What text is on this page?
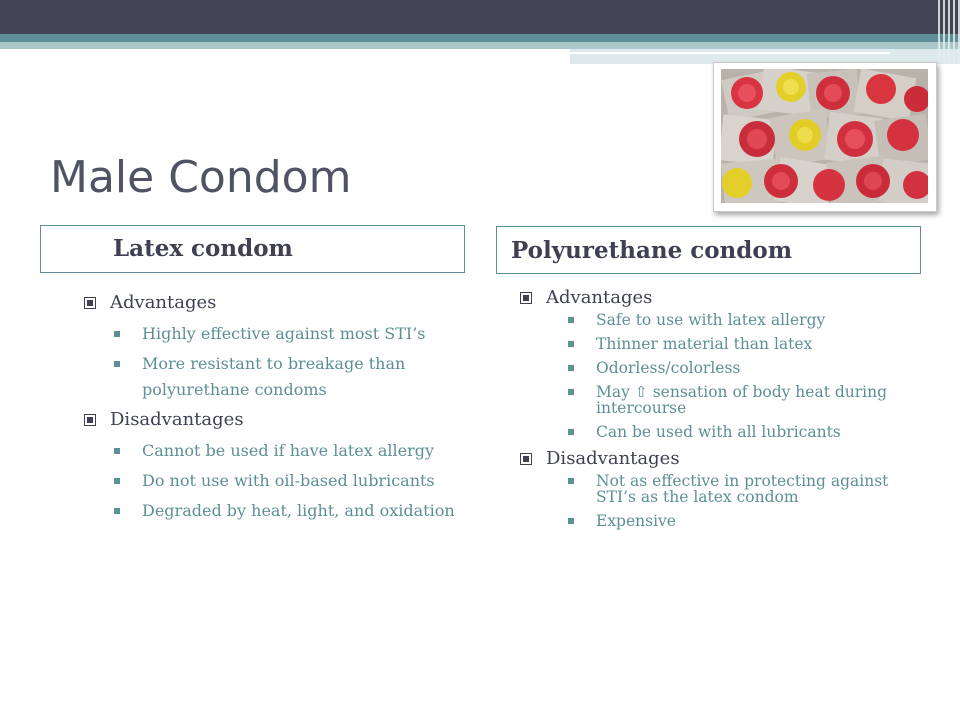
Male Condom
Latex condom	Polyurethane condom
Advantages
Highly effective against most STI’s
More resistant to breakage than polyurethane condoms
Disadvantages
Cannot be used if have latex allergy
Do not use with oil-based lubricants
Degraded by heat, light, and oxidation
Advantages
Safe to use with latex allergy
Thinner material than latex
Odorless/colorless
May ⇧ sensation of body heat during intercourse
Can be used with all lubricants
Disadvantages
Not as effective in protecting against STI’s as the latex condom
Expensive
